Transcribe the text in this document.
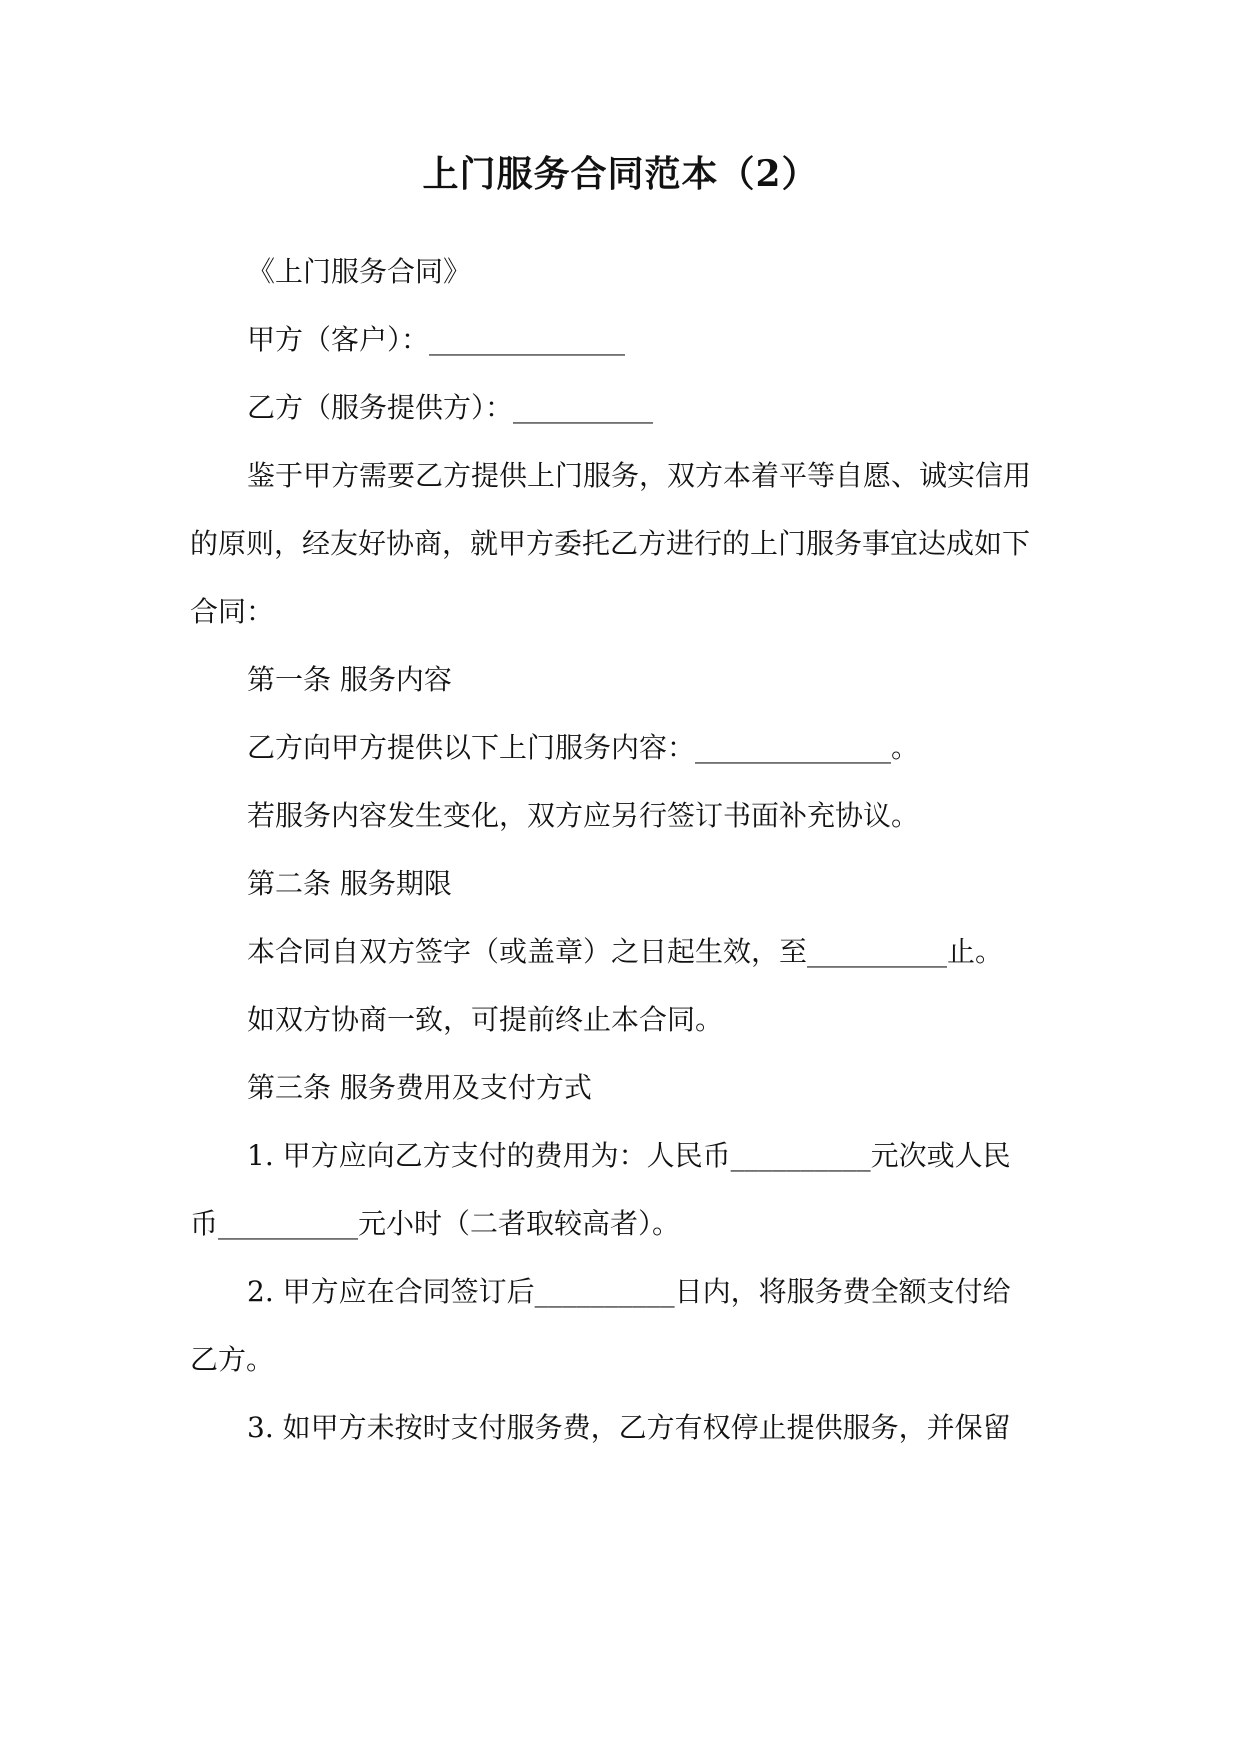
上门服务合同范本（2）

《上门服务合同》

甲方（客户）：______________

乙方（服务提供方）：__________

鉴于甲方需要乙方提供上门服务，双方本着平等自愿、诚实信用

的原则，经友好协商，就甲方委托乙方进行的上门服务事宜达成如下

合同：

第一条 服务内容

乙方向甲方提供以下上门服务内容：______________。

若服务内容发生变化，双方应另行签订书面补充协议。

第二条 服务期限

本合同自双方签字（或盖章）之日起生效，至__________止。

如双方协商一致，可提前终止本合同。

第三条 服务费用及支付方式

1. 甲方应向乙方支付的费用为：人民币__________元次或人民

币__________元小时（二者取较高者）。

2. 甲方应在合同签订后__________日内，将服务费全额支付给

乙方。

3. 如甲方未按时支付服务费，乙方有权停止提供服务，并保留
